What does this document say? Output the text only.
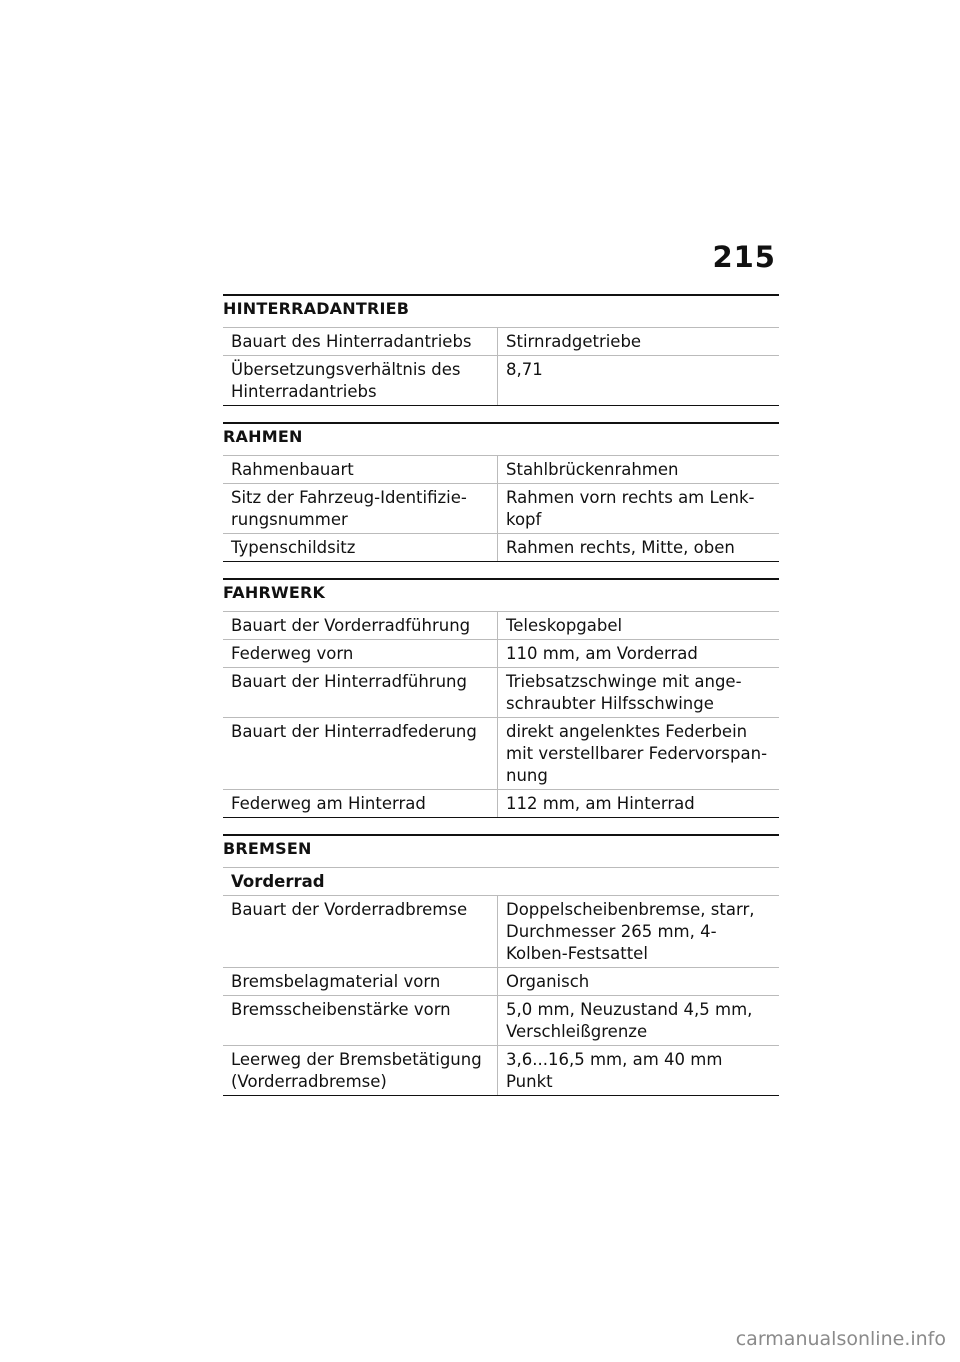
215
HINTERRADANTRIEB
Bauart des Hinterradantriebs	Stirnradgetriebe
Übersetzungsverhältnis des Hinterradantriebs	8,71
RAHMEN
Rahmenbauart	Stahlbrückenrahmen
Sitz der Fahrzeug-Identifizie-rungsnummer	Rahmen vorn rechts am Lenk-kopf
Typenschildsitz	Rahmen rechts, Mitte, oben
FAHRWERK
Bauart der Vorderradführung	Teleskopgabel
Federweg vorn	110 mm, am Vorderrad
Bauart der Hinterradführung	Triebsatzschwinge mit ange-schraubter Hilfsschwinge
Bauart der Hinterradfederung	direkt angelenktes Federbein mit verstellbarer Federvorspan-nung
Federweg am Hinterrad	112 mm, am Hinterrad
BREMSEN
Vorderrad	
Bauart der Vorderradbremse	Doppelscheibenbremse, starr, Durchmesser 265 mm, 4-Kolben-Festsattel
Bremsbelagmaterial vorn	Organisch
Bremsscheibenstärke vorn	5,0 mm, Neuzustand 4,5 mm, Verschleißgrenze
Leerweg der Bremsbetätigung (Vorderradbremse)	3,6...16,5 mm, am 40 mm Punkt
carmanualsonline.info
